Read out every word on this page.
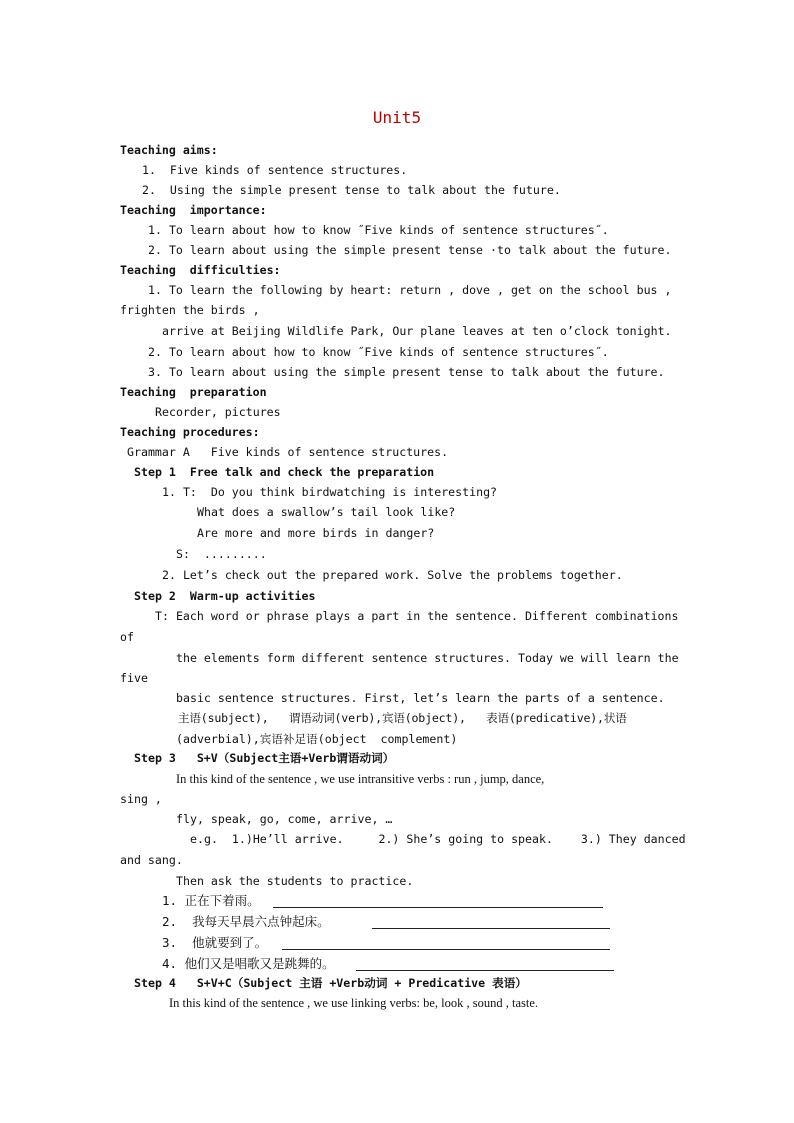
Unit5
Teaching aims:
1.  Five kinds of sentence structures.
2.  Using the simple present tense to talk about the future.
Teaching  importance:
1. To learn about how to know ˝Five kinds of sentence structures˝.
2. To learn about using the simple present tense ·to talk about the future.
Teaching  difficulties:
1. To learn the following by heart: return , dove , get on the school bus ,
frighten the birds ,
arrive at Beijing Wildlife Park, Our plane leaves at ten o’clock tonight.
2. To learn about how to know ˝Five kinds of sentence structures˝.
3. To learn about using the simple present tense to talk about the future.
Teaching  preparation
Recorder, pictures
Teaching procedures:
Grammar A   Five kinds of sentence structures.
Step 1  Free talk and check the preparation
1. T:  Do you think birdwatching is interesting?
What does a swallow’s tail look like?
Are more and more birds in danger?
S:  .........
2. Let’s check out the prepared work. Solve the problems together.
Step 2  Warm-up activities
T: Each word or phrase plays a part in the sentence. Different combinations
of
the elements form different sentence structures. Today we will learn the
five
basic sentence structures. First, let’s learn the parts of a sentence.
主语(subject),   谓语动词(verb),宾语(object),   表语(predicative),状语
(adverbial),宾语补足语(object  complement)
Step 3   S+V（Subject主语+Verb谓语动词）
In this kind of the sentence , we use intransitive verbs : run , jump, dance,
sing ,
fly, speak, go, come, arrive, …
e.g.  1.)He’ll arrive.     2.) She’s going to speak.    3.) They danced
and sang.
Then ask the students to practice.
1. 正在下着雨。
2.  我每天早晨六点钟起床。
3.  他就要到了。
4. 他们又是唱歌又是跳舞的。
Step 4   S+V+C（Subject 主语 +Verb动词 + Predicative 表语）
In this kind of the sentence , we use linking verbs: be, look , sound , taste.
